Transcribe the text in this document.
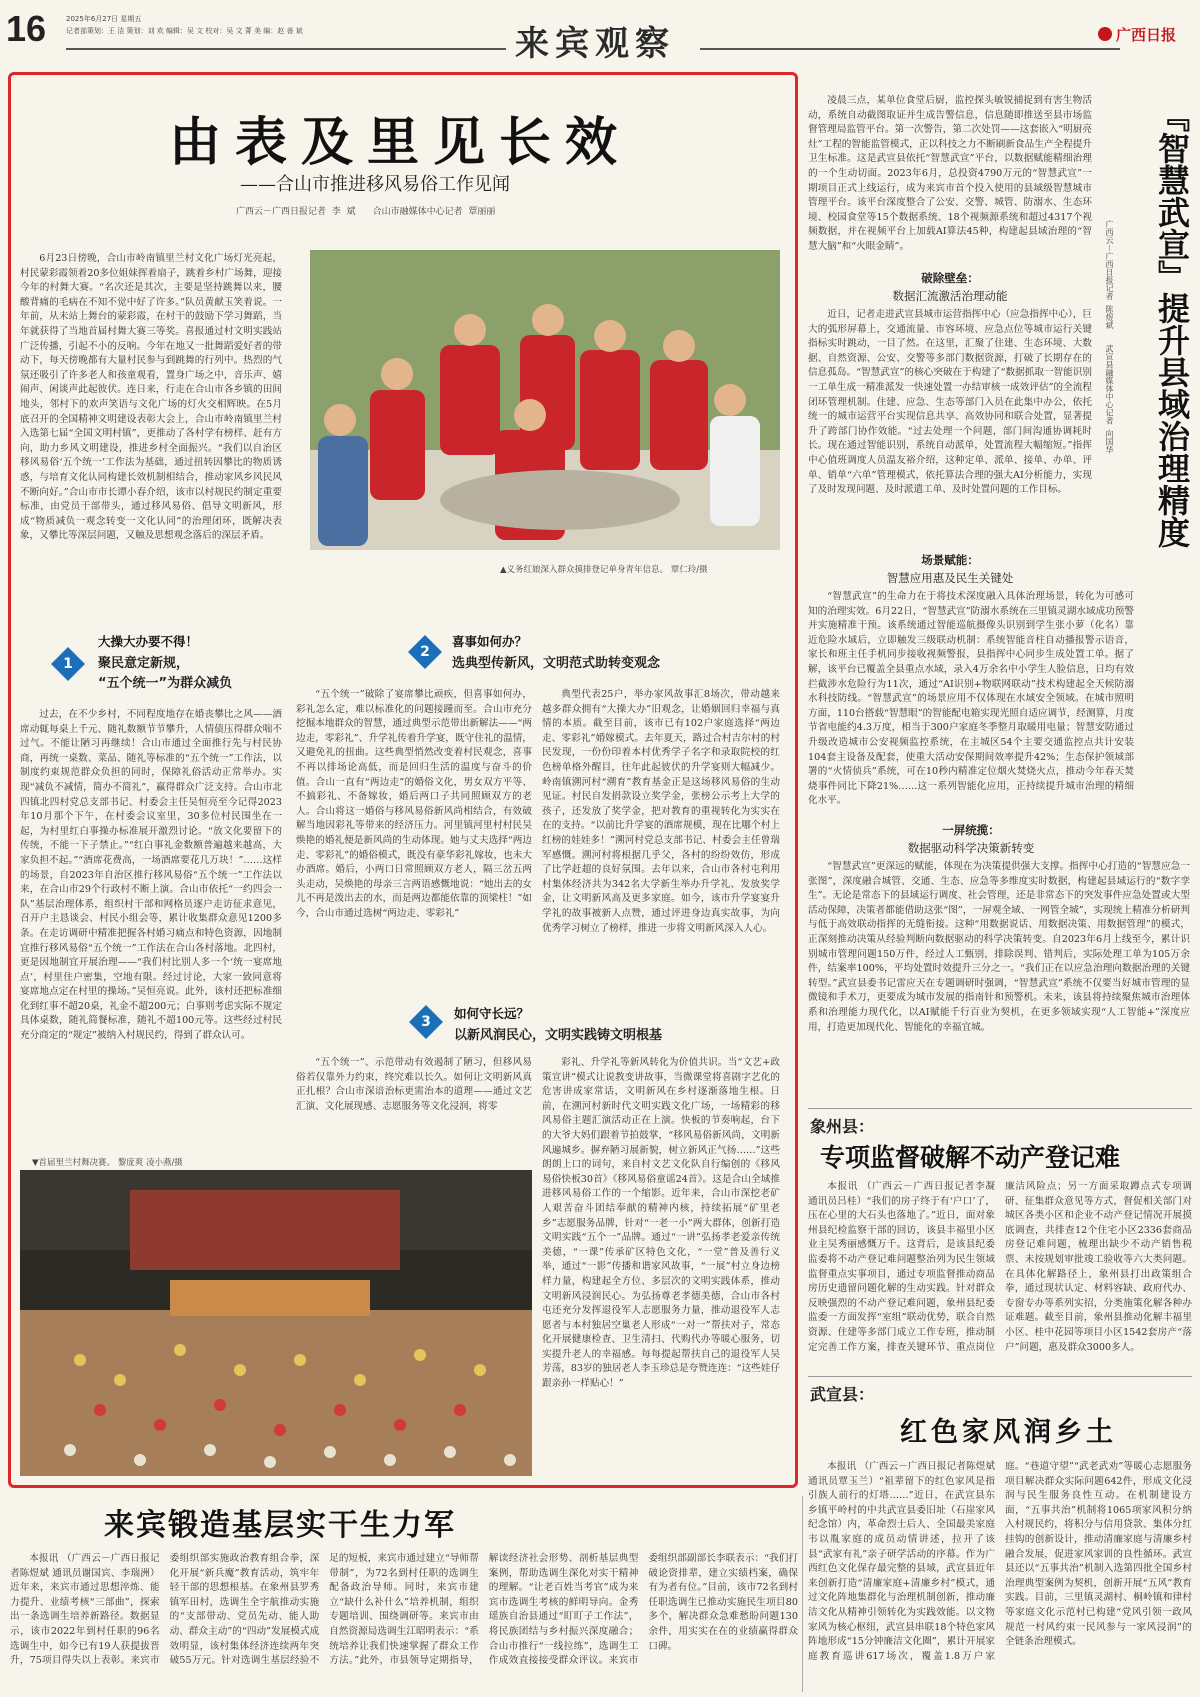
16	2025年6月27日 星期五
记者部策划：王 洁 策划：刘 欢 编辑：吴 文 校对：吴 文 菁 美 编：赵 善 斌	来宾观察	广西日报
由表及里见长效
——合山市推进移风易俗工作见闻
广西云－广西日报记者  李  斌      合山市融媒体中心记者  覃丽丽

6月23日傍晚，合山市岭南镇里兰村文化广场灯光亮起，村民蒙彩霞领着20多位姐妹挥着扇子，跳着乡村广场舞，迎接今年的村舞大赛。“名次还是其次，主要是坚持跳舞以来，腰酸背痛的毛病在不知不觉中好了许多。”队员黄献玉笑着说。一年前，从未站上舞台的蒙彩霞，在村干的鼓励下学习舞蹈，当年就获得了当地首届村舞大赛三等奖。喜报通过村文明实践站广泛传播，引起不小的反响。今年在地又一批舞蹈爱好者的带动下，每天傍晚都有大量村民参与到跳舞的行列中。热烈的气氛还吸引了许多老人和孩童观看，置身广场之中，音乐声、嬉闹声、闲谈声此起彼伏。连日来，行走在合山市各乡镇的田间地头，邻村下的欢声笑语与文化广场的灯火交相辉映。在5月底召开的全国精神文明建设表彰大会上，合山市岭南镇里兰村入选第七届“全国文明村镇”，更推动了各村学有榜样、赶有方向，助力乡风文明建设，推进乡村全面振兴。“我们以自治区移风易俗‘五个统一’工作法为基础，通过扭转因攀比的物质诱惑，与培育文化认同构建长效机制相结合，推动家风乡风民风不断向好。”合山市市长谭小春介绍，该市以村规民约制定重要标准，由党员干部带头，通过移风易俗、倡导文明新风，形成“物质减负一观念转变一文化认同”的治理闭环，既解决表象，又攀比等深层问题，又触及思想观念落后的深层矛盾。

▲义务红娘深入群众摸排登记单身青年信息。 覃仁玲/摄
1
大操大办要不得！
聚民意定新规，
“五个统一”为群众减负

过去，在不少乡村，不同程度地存在婚丧攀比之风——酒席动辄每桌上千元、随礼数额节节攀升，人情债压得群众喘不过气。不能让陋习再继续！合山市通过全面推行先与村民协商，再统一桌数、菜品、随礼等标准的“五个统一”工作法，以制度约束规范群众负担的同时，保障礼俗活动正常举办。实现“减负不减情，简办不简礼”，赢得群众广泛支持。合山市北四镇北四村党总支部书记、村委会主任吴恒亮至今记得2023年10月那个下午，在村委会议室里，30多位村民围坐在一起，为村里红白事操办标准展开激烈讨论。“放文化要留下的传统，不能一下子禁止。”“红白事礼金数额普遍越来越高，大家负担不起。”“酒席花费高，一场酒席要花几万块！”……这样的场景，自2023年自治区推行移风易俗“五个统一”工作法以来，在合山市29个行政村不断上演。合山市依托“一约四会一队”基层治理体系，组织村干部和网格员逐户走访征求意见，召开户主恳谈会、村民小组会等，累计收集群众意见1200多条。在走访调研中精准把握各村婚习痛点和特色资源，因地制宜推行移风易俗“五个统一”工作法在合山各村落地。北四村，更是因地制宜开展治理——“我们村比别人多一个‘统一宴席地点’，村里住户密集，空地有限。经过讨论，大家一致同意将宴席地点定在村里的操场。”吴恒亮说。此外，该村还把标准细化到红事不超20桌，礼金不超200元；白事则考虑实际不规定具体桌数，随礼简餐标准，随礼不超100元等。这些经过村民充分商定的“规定”被纳入村规民约，得到了群众认可。

2
喜事如何办？
选典型传新风，文明范式助转变观念

“五个统一”破除了宴席攀比顽疾，但喜事如何办，彩礼怎么定，难以标准化的问题接踵而至。合山市充分挖掘本地群众的智慧，通过典型示范带出新解法——“两边走，零彩礼”、升学礼传着升学宴，既守住礼的温情，又避免礼的扭曲。这些典型悄然改变着村民观念，喜事不再以排场论高低，而是回归生活的温度与奋斗的价值。合山一直有“两边走”的婚俗文化，男女双方平等、不搞彩礼、不备嫁妆，婚后两口子共同照顾双方的老人。合山将这一婚俗与移风易俗新风尚相结合，有效破解当地因彩礼等带来的经济压力。河里镇河里村村民吴焕艳的婚礼便是新风尚的生动体现。她与丈夫选择“两边走、零彩礼”的婚俗模式，既没有豪华彩礼嫁妆，也未大办酒席。婚后，小两口日常照顾双方老人，隔三岔五两头走动，吴焕艳的母亲三言两语感慨地说：“她出去的女儿不再是泼出去的水，而是两边都能依靠的顶梁柱！”如今，合山市通过选树“两边走、零彩礼”

典型代表25户，举办家风故事汇8场次，带动越来越多群众拥有“大操大办”旧观念，让婚姻回归幸福与真情的本质。截至目前，该市已有102户家庭选择“两边走、零彩礼”婚嫁模式。去年夏天，路过合村吉尔村的村民发现，一份份印着本村优秀学子名字和录取院校的红色榜单格外醒目，往年此起彼伏的升学宴则大幅减少。岭南镇溯河村“溯育”教育基金正是这场移风易俗的生动见证。村民自发捐款设立奖学金，张榜公示考上大学的孩子，还发放了奖学金，把对教育的重视转化为实实在在的支持。“以前比升学宴的酒席规模，现在比哪个村上红榜的娃娃多！”溯河村党总支部书记、村委会主任曾瑞军感慨。溯河村将根据几乎父，各村的纷纷效仿，形成了比学赶超的良好氛围。去年以来，合山市各村屯利用村集体经济共为342名大学新生举办升学礼、发放奖学金，让文明新风高及更多家庭。如今，该市升学宴宴升学礼的故事被新人点赞，通过评进身边真实故事，为向优秀学习树立了榜样，推进一步将文明新风深入人心。

3
如何守长远？
以新风润民心，文明实践铸文明根基

“五个统一”、示范带动有效遏制了陋习，但移风易俗若仅靠外力约束，终究难以长久。如何让文明新风真正扎根？合山市深谙治标更需治本的道理——通过文艺汇演、文化展现感、志愿服务等文化浸润，将零

彩礼、升学礼等新风转化为价值共识。当“文艺+政策宣讲”模式让说教变讲故事，当微课堂将喜剧字艺化的危害讲成家常话，文明新风在乡村逐渐落地生根。日前，在溯河村新时代文明实践文化广场，一场精彩的移风易俗主题汇演活动正在上演。快板的节奏响起，台下的大爷大妈们跟着节拍鼓掌，“移风易俗新风尚，文明新风遍城乡。摒弃陋习展新貌，树立新风正气扬……”这些朗朗上口的词句，来自村文艺文化队自行编创的《移风易俗快板30首》《移风易俗童谣24首》。这是合山全域推进移风易俗工作的一个缩影。近年来，合山市深挖老矿人艰苦奋斗团结奉献的精神内核，持续拓展“矿里老乡”志愿服务品牌，针对“一老一小”两大群体，创新打造文明实践“五个一”品牌。通过“一讲”弘扬孝老爱亲传统美德，“一课”传承矿区特色文化，“一堂”普及善行义举，通过“一影”传播和谐家风故事，“一展”村立身边榜样力量，构建起全方位、多层次的文明实践体系，推动文明新风浸润民心。为弘扬尊老孝德美德，合山市各村屯还充分发挥退役军人志愿服务力量，推动退役军人志愿者与本村独居空巢老人形成“一对一”帮扶对子，常态化开展健康检查、卫生清扫、代购代办等暖心服务，切实提升老人的幸福感。每每提起帮扶自己的退役军人吴芳荡，83岁的独居老人李玉珍总是夸赞连连：“这些娃仔跟亲孙一样贴心！”

▼首届里兰村舞决赛。 黎庞爽 凌小燕/摄

凌晨三点，某单位食堂后厨，监控探头敏锐捕捉到有害生物活动，系统自动截图取证并生成告警信息，信息随即推送至县市场监督管理局监管平台。第一次警告，第二次处罚——这套嵌入“明厨亮灶”工程的智能监管模式，正以科技之力不断刷新食品生产全程提升卫生标准。这是武宣县依托“智慧武宣”平台，以数据赋能精细治理的一个生动切面。2023年6月，总投资4790万元的“智慧武宣”一期项目正式上线运行，成为来宾市首个投入使用的县域级智慧城市管理平台。该平台深度整合了公安、交警、城管、防溺水、生态环境、校园食堂等15个数据系统、18个视频源系统和超过4317个视频数据，并在视频平台上加载AI算法45种，构建起县域治理的“智慧大脑”和“火眼金睛”。	『智慧武宣』提升县域治理精度
广西云－广西日报记者  陈煜斌      武宣县融媒体中心记者  向国华
破除壁垒：
数据汇流激活治理动能

近日，记者走进武宣县城市运营指挥中心（应急指挥中心），巨大的弧形屏幕上，交通流量、市容环境、应急点位等城市运行关键指标实时跳动，一目了然。在这里，汇聚了住建、生态环境、大数据、自然资源、公安、交警等多部门数据资源，打破了长期存在的信息孤岛。“智慧武宣”的核心突破在于构建了“数据抓取一智能识别一工单生成一精准派发一快速处置一办结审核一成效评估”的全流程闭环管理机制。住建、应急、生态等部门入员在此集中办公，依托统一的城市运营平台实现信息共享、高效协同和联合处置，显著提升了跨部门协作效能。“过去处理一个问题，部门间沟通协调耗时长。现在通过智能识别，系统自动派单，处置流程大幅缩短。”指挥中心值班调度人员温友裕介绍，这种定单、派单、接单、办单、评单、销单“六单”管理模式，依托算法合理的强大AI分析能力，实现了及时发现问题、及时派遣工单、及时处置问题的工作目标。

场景赋能：
智慧应用惠及民生关键处

“智慧武宣”的生命力在于将技术深度融入具体治理场景，转化为可感可知的治理实效。6月22日，“智慧武宣”防溺水系统在三里镇灵湖水域成功预警并实施精准干预。该系统通过智能巡航摄像头识别到学生张小萝（化名）靠近危险水域后，立即触发三级联动机制：系统智能音柱自动播报警示语音，家长和班主任手机同步接收视频警报，县指挥中心同步生成处置工单。据了解，该平台已覆盖全县重点水域，录入4万余名中小学生人脸信息，日均有效拦截涉水危险行为11次，通过“AI识别+物联网联动”技术构建起全天候防溺水科技防线。“智慧武宣”的场景应用不仅体现在水域安全领域。在城市照明方面，110台搭载“智慧眼”的智能配电箱实现光照自适应调节，经测算，月度节省电能约4.3万度，相当于300户家庭冬季整月取暖用电量；智慧安防通过升级改造城市公安视频监控系统，在主城区54个主要交通监控点共计安装104套主设备及配套，使重大活动安保期间效率提升42%；生态保护领域部署的“火情侦兵”系统，可在10秒内精准定位烟火焚烧火点，推动今年春天焚烧事件同比下降21%……这一系列智能化应用，正持续提升城市治理的精细化水平。

一屏统揽：
数据驱动科学决策新转变

“智慧武宣”更深远的赋能，体现在为决策提供强大支撑。指挥中心打造的“智慧应急一张图”，深度融合城管、交通、生态、应急等多维度实时数据，构建起县域运行的“数字孪生”。无论是常态下的县域运行调度、社会管理，还是非常态下的突发事件应急处置或大型活动保障，决策者都能借助这张“图”，一屏观全域、一网管全城”，实现统上精准分析研判与低于高效联动指挥的无缝衔接。这种“用数据说话、用数据决策、用数据管理”的模式，正深刻推动决策从经验判断向数据驱动的科学决策转变。自2023年6月上线至今，累计识别城市管理问题150万件，经过人工甄别，排除误判、错判后，实际处理工单为105万余件，结案率100%，平均处置时效提升三分之一。“我们正在以应急治理向数据治理的关键转型。”武宣县委书记雷应天在专题调研时强调，“智慧武宣”系统不仅要当好城市管理的显微镜和手术刀，更要成为城市发展的指南针和预警机。未来，该县将持续聚焦城市治理体系和治理能力现代化，以AI赋能千行百业为契机，在更多领域实现“人工智能+”深度应用，打造更加现代化、智能化的幸福宜城。

象州县：
专项监督破解不动产登记难

本报讯 （广西云－广西日报记者李凝 通讯员吕桂）“我们的房子终于有‘户口’了，压在心里的大石头也落地了。”近日，面对象州县纪检监察干部的回访，该县丰福里小区业主吴秀丽感慨万千。这背后，是该县纪委监委将不动产登记难问题整治列为民生领域监督重点实事项目，通过专项监督推动商品房历史遗留问题化解的生动实践。针对群众反映强烈的不动产登记难问题，象州县纪委监委一方面发挥“室组”联动优势，联合自然资源、住建等多部门成立工作专班，推动制定完善工作方案，排查关键环节、重点岗位廉洁风险点；另一方面采取蹲点式专项调研、征集群众意见等方式，督促相关部门对城区各类小区和企业不动产登记情况开展摸底调查，共排查12个住宅小区2336套商品房登记难问题，梳理出缺少不动产销售税票、未按规划审批竣工验收等六大类问题。在具体化解路径上，象州县打出政策组合拳，通过现状认定、材料容缺、政府代办、专窗专办等系列实招，分类施策化解各种办证难题。截至目前，象州县推动化解丰福里小区、桂中花园等项目小区1542套房产“落户”问题，惠及群众3000多人。

武宣县：
红色家风润乡土

本报讯 （广西云－广西日报记者陈煜斌 通讯员覃玉兰）“祖辈留下的红色家风是指引族人前行的灯塔……”近日，在武宣县东乡镇平岭村的中共武宣县委旧址（石崖家风纪念馆）内，革命烈士后人、全国最美家庭韦以胤家庭的成员动情讲述，拉开了该县“武家有礼”亲子研学活动的序幕。作为广西红色文化保存最完整的县域，武宣县近年来创新打造“清廉家庭+清廉乡村”模式，通过文化阵地集群化与治理机制创新，推动廉洁文化从精神引领转化为实践效能。以文物家风为核心枢纽，武宣县串联18个特色家风阵地形成“15分钟廉洁文化圈”，累计开展家庭教育巡讲617场次，覆盖1.8万户家庭。“巷道守望”“武老武劝”等暖心志愿服务项目解决群众实际问题642件，形成文化浸润与民生服务良性互动。在机制建设方面，“五事共治”机制将1065项家风积分纳入村规民约，将积分与信用贷款、集体分红挂钩的创新设计，推动清廉家庭与清廉乡村融合发展，促进家风家训的良性循环。武宣县还以“五事共治”机制入选第四批全国乡村治理典型案例为契机，创新开展“五风”教育实践。目前，三里镇灵湖村、桐岭镇和律村等家庭文化示范村已构建“党风引领一政风规范一村风约束一民风参与一家风浸润”的全链条治理模式。

来宾锻造基层实干生力军

本报讯 （广西云－广西日报记者陈煜斌 通讯员谢国宾、李瑞洲）近年来，来宾市通过思想淬炼、能力提升、业绩考核“三部曲”，探索出一条选调生培养新路径。数据显示，该市2022年到村任职的96名选调生中，如今已有19人获提拔晋升，75项目得失以上表彰。来宾市委组织部实施政治教育组合拳，深化开展“新兵魔”教育活动，筑牢年轻干部的思想根基。在象州县罗秀镇军田村，选调生全宇航推动实施的“支部带动、党员先动、能人助动、群众主动”的“四动”发展模式成效明显，该村集体经济连续两年突破55万元。针对选调生基层经验不足的短板，来宾市通过建立“导师帮带制”，为72名到村任职的选调生配备政治导师。同时，来宾市建立“缺什么补什么”培养机制，组织专题培训、围绕调研等。来宾市由自然资源局选调生江昭明表示：“系统培养让我们快速掌握了群众工作方法。”此外，市县领导定期指导，解读经济社会形势、剖析基层典型案例，帮助选调生深化对实干精神的理解。“让老百姓当考官”成为来宾市选调生考核的鲜明导向。金秀瑶族自治县通过“盯盯子工作法”，将民族团结与乡村振兴深度融合；合山市推行“一线拉练”，选调生工作成效直接接受群众评议。来宾市委组织部副部长李联表示：“我们打破论资排辈，建立实绩档案，确保有为者有位。”目前，该市72名到村任职选调生已推动实施民生项目80多个，解决群众急难愁盼问题130余件，用实实在在的业绩赢得群众口碑。
